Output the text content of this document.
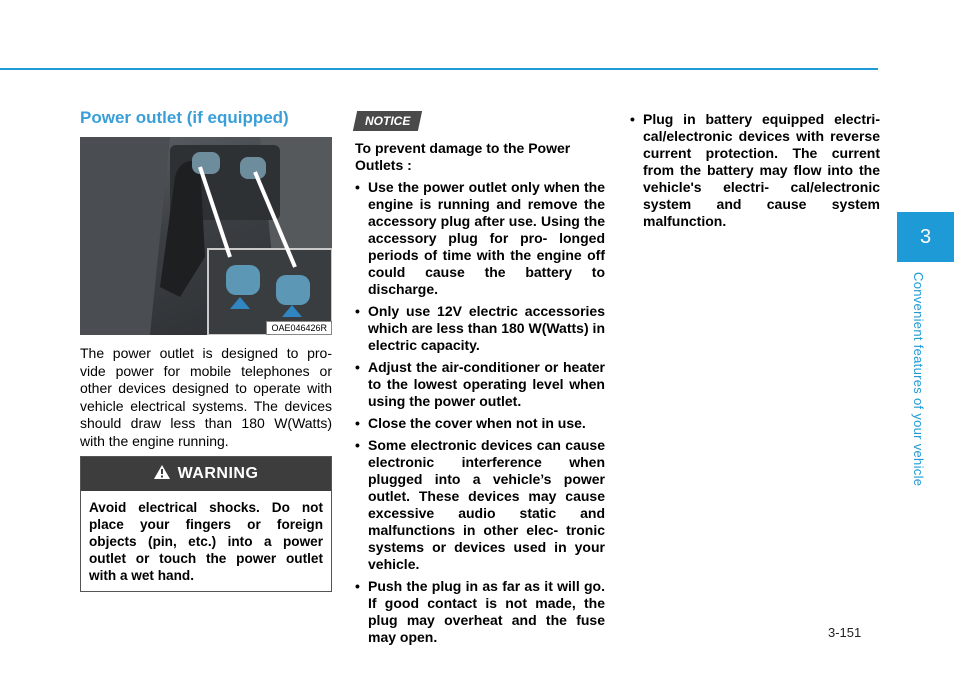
Power outlet (if equipped)
OAE046426R

The power outlet is designed to pro- vide power for mobile telephones or other devices designed to operate with vehicle electrical systems. The devices should draw less than 180 W(Watts) with the engine running.

WARNING

Avoid electrical shocks. Do not place your fingers or foreign objects (pin, etc.) into a power outlet or touch the power outlet with a wet hand.

NOTICE

To prevent damage to the Power Outlets :

• Use the power outlet only when the engine is running and remove the accessory plug after use. Using the accessory plug for pro- longed periods of time with the engine off could cause the battery to discharge.
• Only use 12V electric accessories which are less than 180 W(Watts) in electric capacity.
• Adjust the air-conditioner or heater to the lowest operating level when using the power outlet.
• Close the cover when not in use.
• Some electronic devices can cause electronic interference when plugged into a vehicle’s power outlet. These devices may cause excessive audio static and malfunctions in other elec- tronic systems or devices used in your vehicle.
• Push the plug in as far as it will go. If good contact is not made, the plug may overheat and the fuse may open.
• Plug in battery equipped electri- cal/electronic devices with reverse current protection. The current from the battery may flow into the vehicle's electri- cal/electronic system and cause system malfunction.
3
Convenient features of your vehicle
3-151
